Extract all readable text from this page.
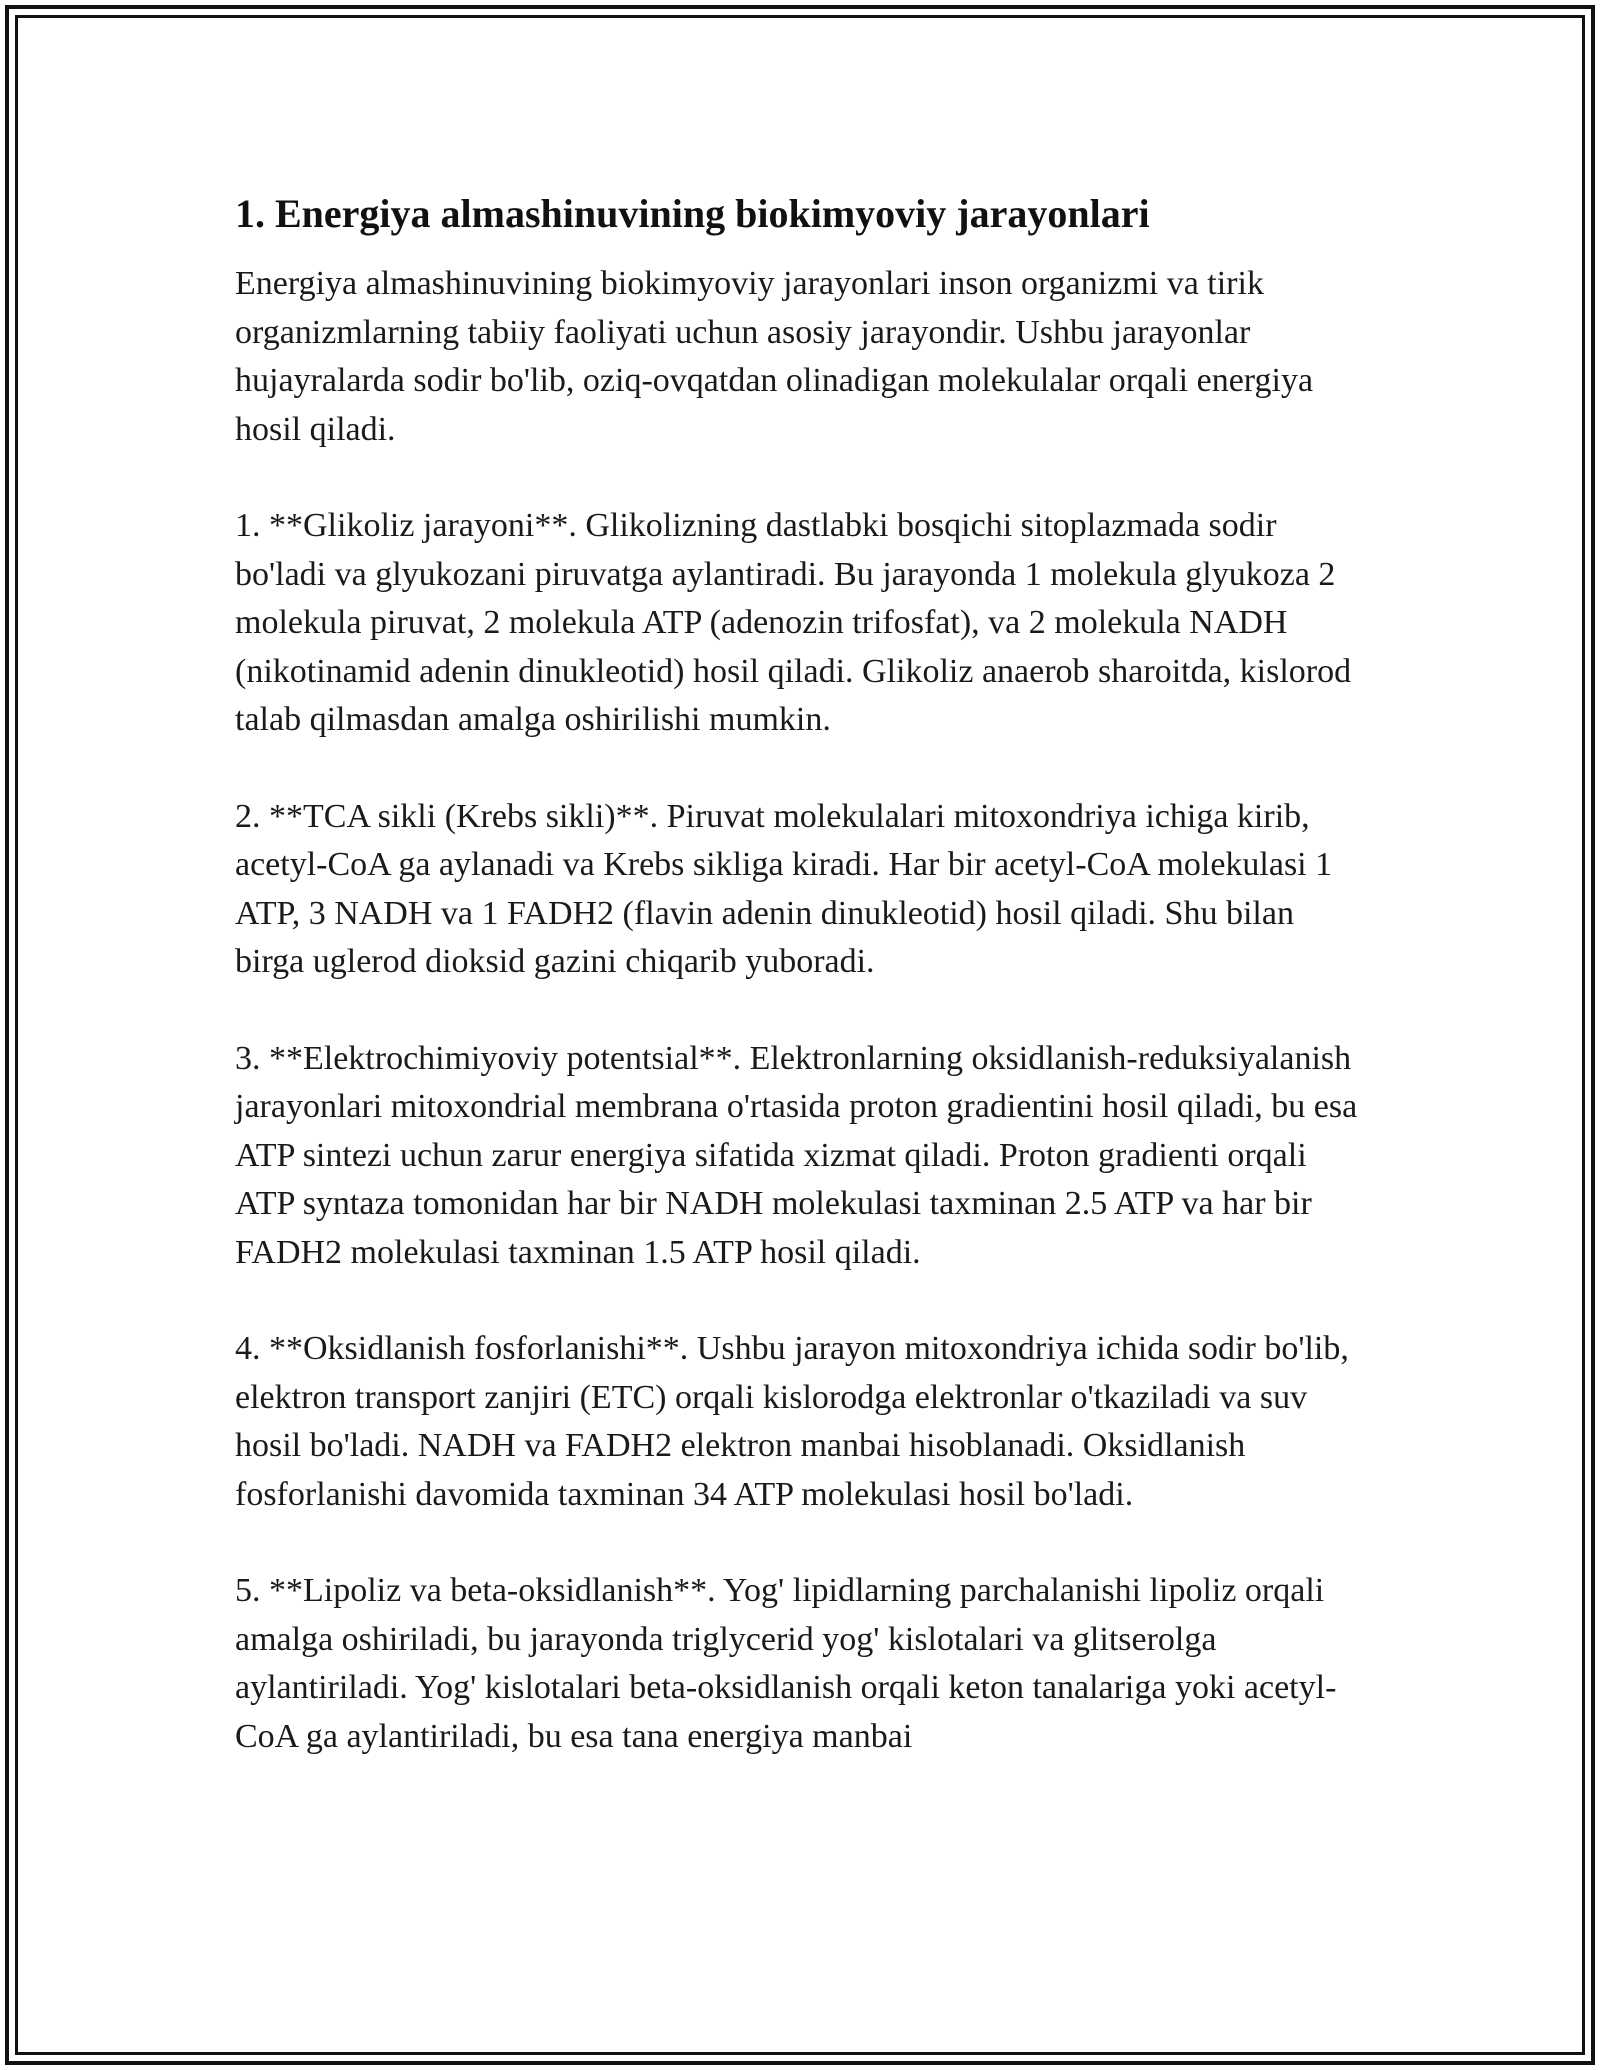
1. Energiya almashinuvining biokimyoviy jarayonlari

Energiya almashinuvining biokimyoviy jarayonlari inson organizmi va tirik organizmlarning tabiiy faoliyati uchun asosiy jarayondir. Ushbu jarayonlar hujayralarda sodir bo'lib, oziq-ovqatdan olinadigan molekulalar orqali energiya hosil qiladi.

1. **Glikoliz jarayoni**. Glikolizning dastlabki bosqichi sitoplazmada sodir bo'ladi va glyukozani piruvatga aylantiradi. Bu jarayonda 1 molekula glyukoza 2 molekula piruvat, 2 molekula ATP (adenozin trifosfat), va 2 molekula NADH (nikotinamid adenin dinukleotid) hosil qiladi. Glikoliz anaerob sharoitda, kislorod talab qilmasdan amalga oshirilishi mumkin.

2. **TCA sikli (Krebs sikli)**. Piruvat molekulalari mitoxondriya ichiga kirib, acetyl-CoA ga aylanadi va Krebs sikliga kiradi. Har bir acetyl-CoA molekulasi 1 ATP, 3 NADH va 1 FADH2 (flavin adenin dinukleotid) hosil qiladi. Shu bilan birga uglerod dioksid gazini chiqarib yuboradi.

3. **Elektrochimiyoviy potentsial**. Elektronlarning oksidlanish-reduksiyalanish jarayonlari mitoxondrial membrana o'rtasida proton gradientini hosil qiladi, bu esa ATP sintezi uchun zarur energiya sifatida xizmat qiladi. Proton gradienti orqali ATP syntaza tomonidan har bir NADH molekulasi taxminan 2.5 ATP va har bir FADH2 molekulasi taxminan 1.5 ATP hosil qiladi.

4. **Oksidlanish fosforlanishi**. Ushbu jarayon mitoxondriya ichida sodir bo'lib, elektron transport zanjiri (ETC) orqali kislorodga elektronlar o'tkaziladi va suv hosil bo'ladi. NADH va FADH2 elektron manbai hisoblanadi. Oksidlanish fosforlanishi davomida taxminan 34 ATP molekulasi hosil bo'ladi.

5. **Lipoliz va beta-oksidlanish**. Yog' lipidlarning parchalanishi lipoliz orqali amalga oshiriladi, bu jarayonda triglycerid yog' kislotalari va glitserolga aylantiriladi. Yog' kislotalari beta-oksidlanish orqali keton tanalariga yoki acetyl-CoA ga aylantiriladi, bu esa tana energiya manbai
